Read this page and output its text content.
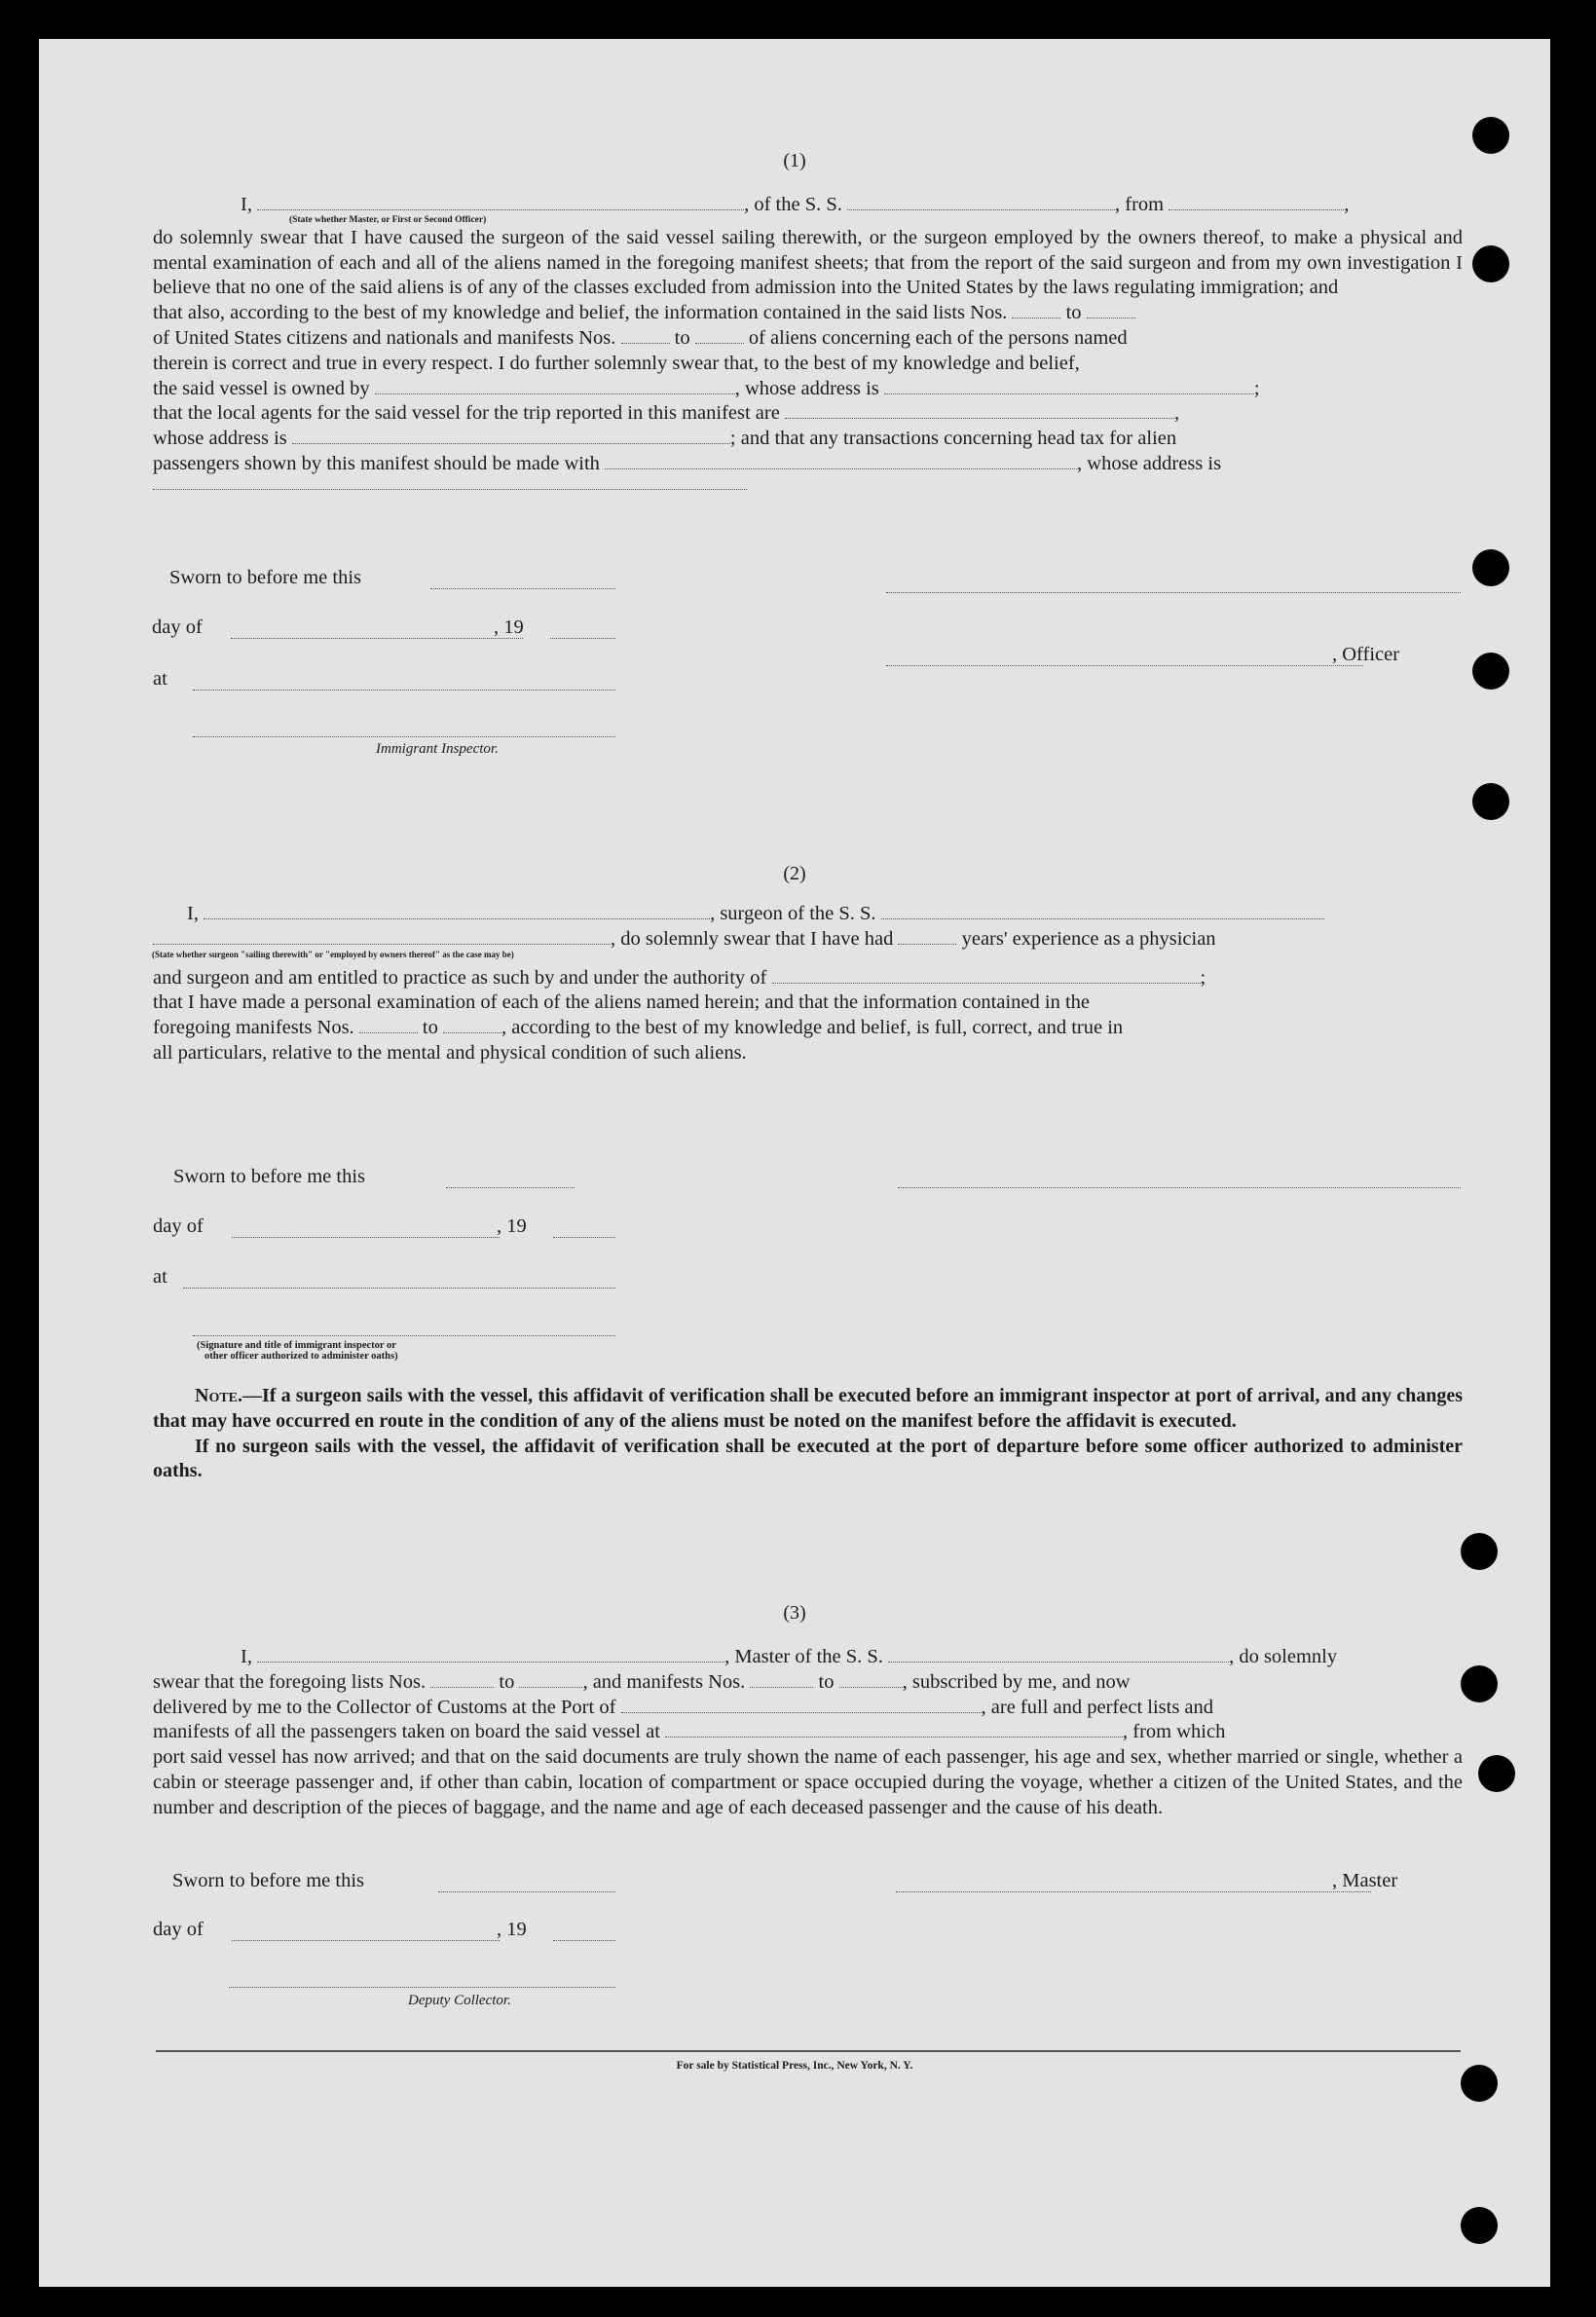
(1)
I,	, of the S. S.	, from	,
(State whether Master, or First or Second Officer)

do solemnly swear that I have caused the surgeon of the said vessel sailing therewith, or the surgeon employed by the owners thereof, to make a physical and mental examination of each and all of the aliens named in the foregoing manifest sheets; that from the report of the said surgeon and from my own investigation I believe that no one of the said aliens is of any of the classes excluded from admission into the United States by the laws regulating immigration; and

that also, according to the best of my knowledge and belief, the information contained in the said lists Nos.	to
of United States citizens and nationals and manifests Nos.	to	of aliens concerning each of the persons named
therein is correct and true in every respect. I do further solemnly swear that, to the best of my knowledge and belief,
the said vessel is owned by	, whose address is	;
that the local agents for the said vessel for the trip reported in this manifest are	,
whose address is	; and that any transactions concerning head tax for alien
passengers shown by this manifest should be made with	, whose address is
Sworn to before me this
day of	, 19
, Officer
at
Immigrant Inspector.
(2)
I,	, surgeon of the S. S.
, do solemnly swear that I have had	years' experience as a physician
(State whether surgeon "sailing therewith" or "employed by owners thereof" as the case may be)
and surgeon and am entitled to practice as such by and under the authority of	;
that I have made a personal examination of each of the aliens named herein; and that the information contained in the
foregoing manifests Nos.	to	, according to the best of my knowledge and belief, is full, correct, and true in
all particulars, relative to the mental and physical condition of such aliens.
Sworn to before me this
day of	, 19
at
(Signature and title of immigrant inspector or
other officer authorized to administer oaths)

Note.—If a surgeon sails with the vessel, this affidavit of verification shall be executed before an immigrant inspector at port of arrival, and any changes that may have occurred en route in the condition of any of the aliens must be noted on the manifest before the affidavit is executed.

If no surgeon sails with the vessel, the affidavit of verification shall be executed at the port of departure before some officer authorized to administer oaths.

(3)
I,	, Master of the S. S.	, do solemnly
swear that the foregoing lists Nos.	to	, and manifests Nos.	to	, subscribed by me, and now
delivered by me to the Collector of Customs at the Port of	, are full and perfect lists and
manifests of all the passengers taken on board the said vessel at	, from which

port said vessel has now arrived; and that on the said documents are truly shown the name of each passenger, his age and sex, whether married or single, whether a cabin or steerage passenger and, if other than cabin, location of compartment or space occupied during the voyage, whether a citizen of the United States, and the number and description of the pieces of baggage, and the name and age of each deceased passenger and the cause of his death.

Sworn to before me this	, Master
day of	, 19
Deputy Collector.
For sale by Statistical Press, Inc., New York, N. Y.
